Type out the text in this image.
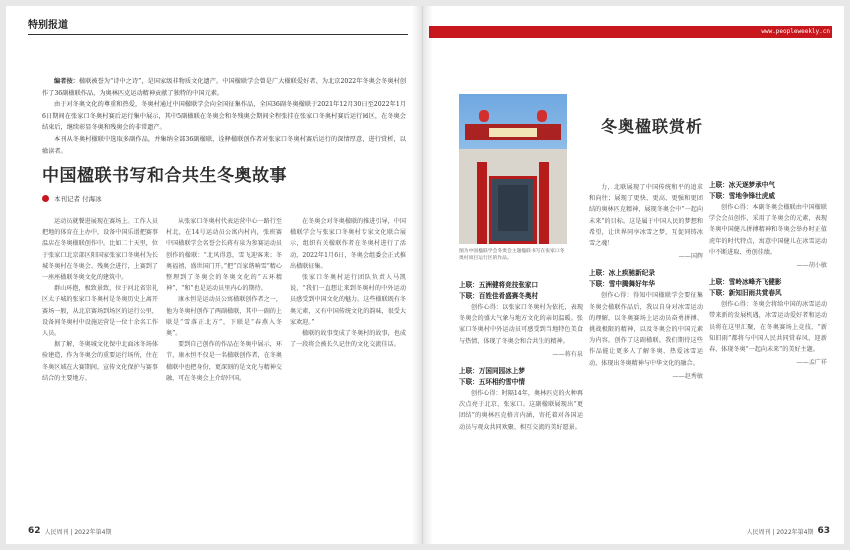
特别报道

编者按：楹联被誉为“诗中之诗”，是国家级非物质文化遗产。中国楹联学会曾是广大楹联爱好者、为北京2022年冬奥会冬奥村创作了36副楹联作品，为奥林匹克运动精神贡献了独特的中国元素。

由于对冬奥文化的尊重和热爱，冬奥村通过中国楹联学会向全国征集作品，全国36副冬奥楹联于2021年12月30日至2022年1月6日期间在张家口冬奥村赛后运行集中展示，其中5副楹联在冬奥会和冬残奥会期间全程张挂在张家口冬奥村赛后运行园区，在冬奥会结束后，继续彰显冬奥和残奥会的非常遗产。

本刊从冬奥村楹联中选取多副作品，并集纳全部36副楹联，诠释楹联创作者对张家口冬奥村赛后运行的深情厚意，进行赏析，以飨读者。

中国楹联书写和合共生冬奥故事
本刊记者 付海冰

运动员就餐进展现在赛场上。工作人员把地的体育在上办中，设备中国乐谱把赛事温店在冬奥楹联创作中。比如二十天里，位于张家口北京部区阳国家张家口冬奥村为长城冬奥村在冬奥会、残奥会进行，上赛到了一座座楹联冬奥文化的建筑中。

群山环抱，极致景致，位于河北省崇礼区太子城的张家口冬奥村是冬奥历史上离开赛场一般，从北京赛场到场区的运行公里，设备间冬奥村中设施运营是一位十余名工作人员。

据了解，冬奥城文化保中北面冰冬场体验建造，作为冬奥会的重要运行场所，住在冬奥区域在大赛期间，宣传文化保护与赛事结合的主要地方。

从张家口冬奥村代表运营中心一路行至村北，在14号运动员公寓内村内，张班赛中国楹联学会名誉会长蒋有泉为参赛运动员创作的楹联：“北风得意，雪飞迎客来；冬奥福禧，盛世国门开。”把“百家谐响雪”精心整理到了冬奥会的冬奥文化的“五环精神”，“和”也是运动员里内心的期待。

康永恒是运动员公寓楹联创作者之一，他为冬奥村创作了两副楹联，其中一副的上联是“雪落正北方”，下联是“春燕入冬奥”。

要到自己创作的作品在冬奥中展示，环节，康永恒不仅是一名楹联创作者，在冬奥楹联中也把身份，更深刻的是文化与精神交融，可在冬奥会上介绍中国。

在冬奥会对冬奥楹联的推进引导，中国楹联学会与张家口冬奥村专家文化联合展示，组织有关楹联作者在冬奥村进行了活动，2022年1月6日，冬奥会组委会正式推出楹联征集。

张家口冬奥村运行团队负责人马凯说，“我们一直想让来到冬奥村的中外运动员感受到中国文化的魅力。这些楹联既有冬奥元素，又有中国传统文化的韵味，很受大家欢迎。”

楹联的故事变成了冬奥村的故事，也成了一段将会被长久记住的文化交流佳话。

62 人民周刊 | 2022年第4期
www.peopleweekly.cn
图为中国楹联学会冬奥会主题楹联书写在张家口冬奥村项目运行区的作品。
冬奥楹联赏析
上联：五洲健将竞技张家口
下联：百姓佳肴盛赛冬奥村

创作心得：以张家口冬奥村为依托，表现冬奥会的盛大气象与地方文化的亲切温暖。张家口冬奥村中外运动员可感受到当地特色美食与热情，体现了冬奥会和合共生的精神。

——蒋有泉
上联：万国同园冰上梦
下联：五环相约雪中情

创作心得：时隔14年，奥林匹克的火种再次点亮于北京、张家口。这副楹联展现出“更团结”的奥林匹克格言内涵，寄托着对各国运动员与观众共同欢聚、相互交流的美好愿景。

力，北联展现了中国传统和平的追求和向往；展现了更快、更高、更强和更团结的奥林匹克精神，展现冬奥会中“一起向未来”的目标。这是属于中国人民的梦想和希望，让世界同享冰雪之梦，互促同铸冰雪之魂！

——国辉
上联：冰上疾驰新纪录
下联：雪中腾舞好年华

创作心得：得知中国楹联学会要征集冬奥会楹联作品后，我以自身对冰雪运动的理解，以冬奥赛场上运动员奋勇拼搏、挑战极限的精神，以及冬奥会的中国元素为内容，创作了这副楹联。我们期待这些作品能让更多人了解冬奥、热爱冰雪运动，体现出冬奥精神与中华文化的融合。

——赵秀敏
上联：冰天逐梦承中气
下联：雪地争锋壮虎威

创作心得：本副冬奥会楹联由中国楹联学会会员创作，采用了冬奥会的元素，表现冬奥中国健儿拼搏精神和冬奥会举办时正值虎年的时代特点，寓意中国健儿在冰雪运动中不断进取、勇创佳绩。

——胡小敏
上联：雪岭冰峰齐飞健影
下联：新知旧雨共赏春风

创作心得：冬奥会将给中国的冰雪运动带来新的发展机遇，冰雪运动爱好者和运动员将在这里汇聚，在冬奥赛场上竞技，“新知旧雨”都将与中国人民共同赏春风、迎新春，体现冬奥“一起向未来”的美好主题。

——孟广祥
人民周刊 | 2022年第4期 63
